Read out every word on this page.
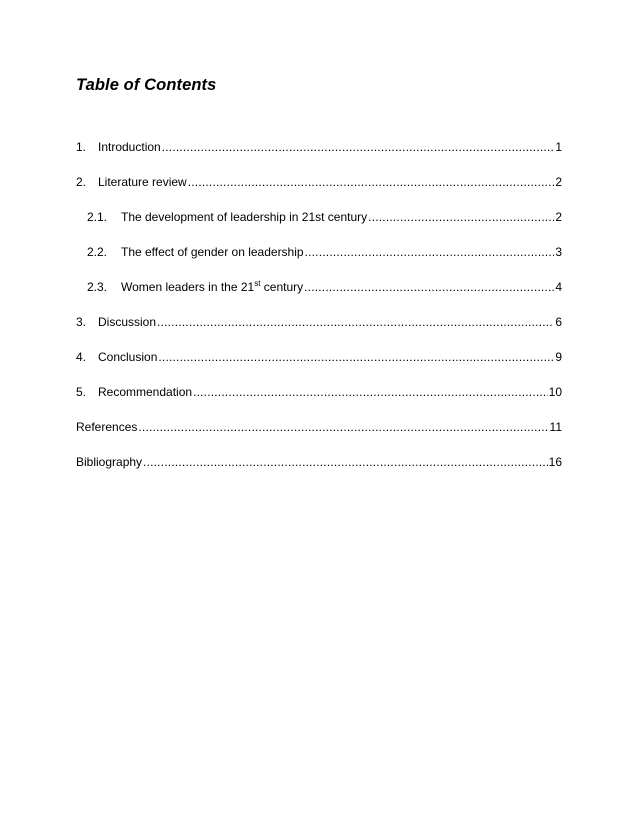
Table of Contents
1. Introduction .....	1
2. Literature review .....	2
2.1.	The development of leadership in 21st century .....	2
2.2.	The effect of gender on leadership .....	3
2.3.	Women leaders in the 21st century .....	4
3. Discussion .....	6
4. Conclusion .....	9
5. Recommendation .....	10
References .....	11
Bibliography .....	16
